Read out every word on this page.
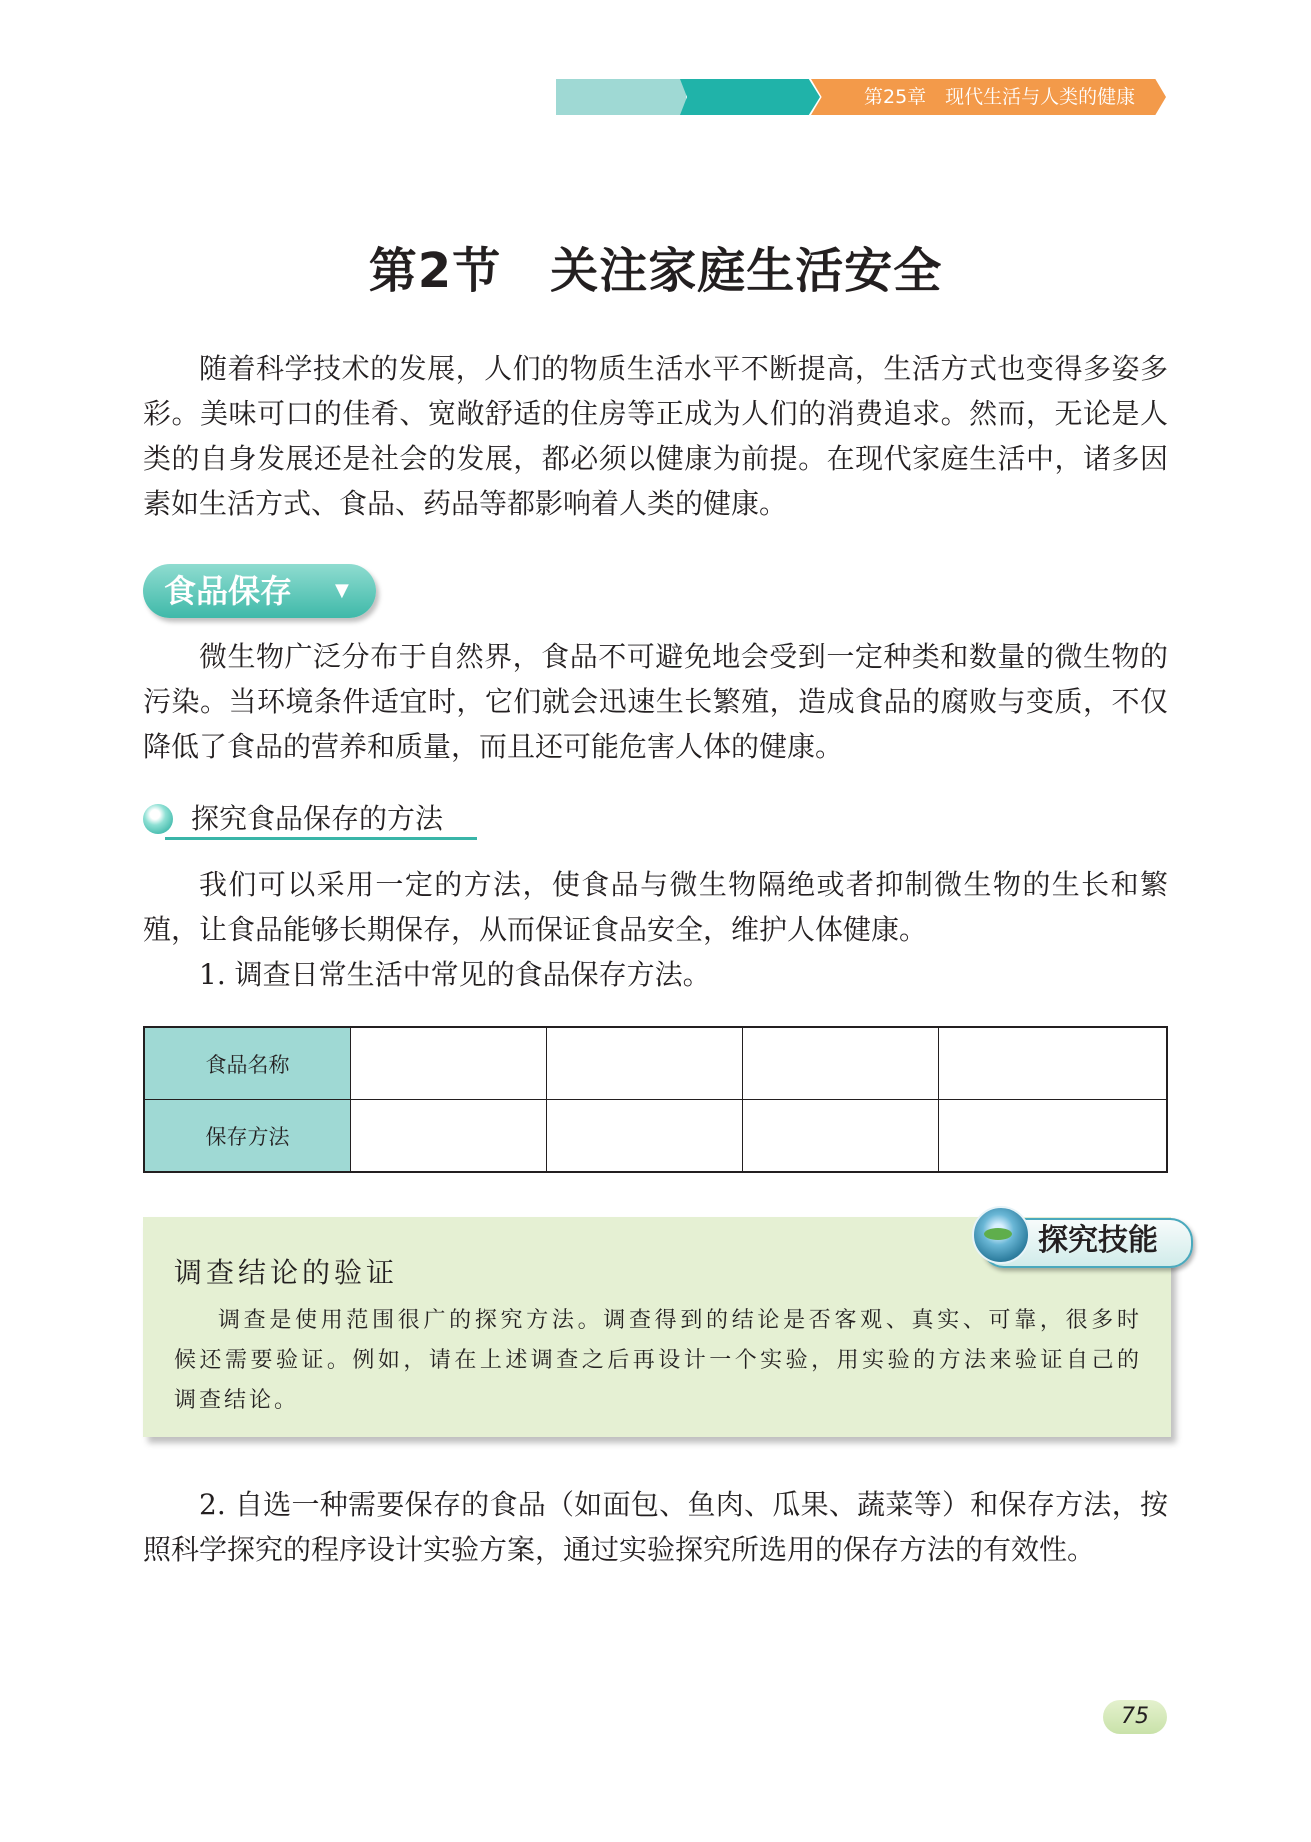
第25章　现代生活与人类的健康
第2节　关注家庭生活安全

随着科学技术的发展，人们的物质生活水平不断提高，生活方式也变得多姿多彩。美味可口的佳肴、宽敞舒适的住房等正成为人们的消费追求。然而，无论是人类的自身发展还是社会的发展，都必须以健康为前提。在现代家庭生活中，诸多因素如生活方式、食品、药品等都影响着人类的健康。

食品保存 ▼

微生物广泛分布于自然界，食品不可避免地会受到一定种类和数量的微生物的污染。当环境条件适宜时，它们就会迅速生长繁殖，造成食品的腐败与变质，不仅降低了食品的营养和质量，而且还可能危害人体的健康。

探究食品保存的方法

我们可以采用一定的方法，使食品与微生物隔绝或者抑制微生物的生长和繁殖，让食品能够长期保存，从而保证食品安全，维护人体健康。

1. 调查日常生活中常见的食品保存方法。

食品名称				
保存方法				
调查结论的验证

调查是使用范围很广的探究方法。调查得到的结论是否客观、真实、可靠，很多时候还需要验证。例如，请在上述调查之后再设计一个实验，用实验的方法来验证自己的调查结论。

探究技能

2. 自选一种需要保存的食品（如面包、鱼肉、瓜果、蔬菜等）和保存方法，按照科学探究的程序设计实验方案，通过实验探究所选用的保存方法的有效性。

75
